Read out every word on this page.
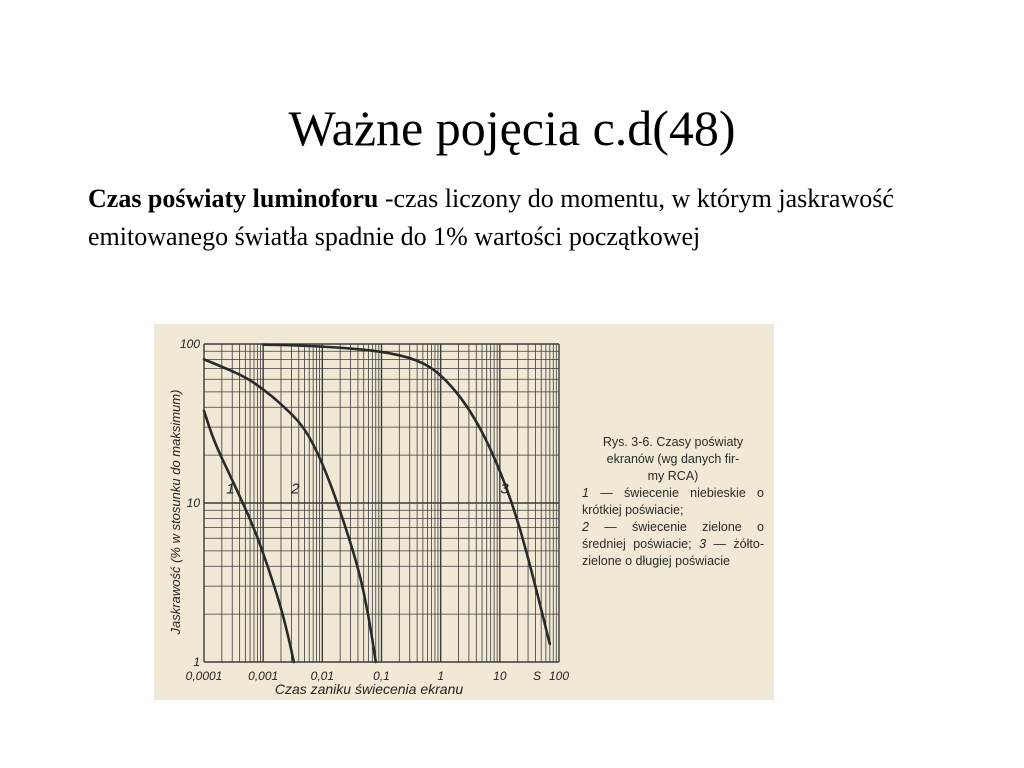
Ważne pojęcia c.d(48)
Czas poświaty luminoforu -czas liczony do momentu, w którym jaskrawość emitowanego światła spadnie do 1% wartości początkowej
1	2	3
0,0001 0,001	0,01	0,1	1	10	100
S
1
10
100
Czas zaniku świecenia ekranu
Jaskrawość (% w stosunku do maksimum)	Rys. 3-6. Czasy poświaty
ekranów (wg danych fir-
my RCA)
1 — świecenie niebieskie o krótkiej poświacie;
2 — świecenie zielone o średniej poświacie; 3 — żółto-zielone o długiej poświacie
